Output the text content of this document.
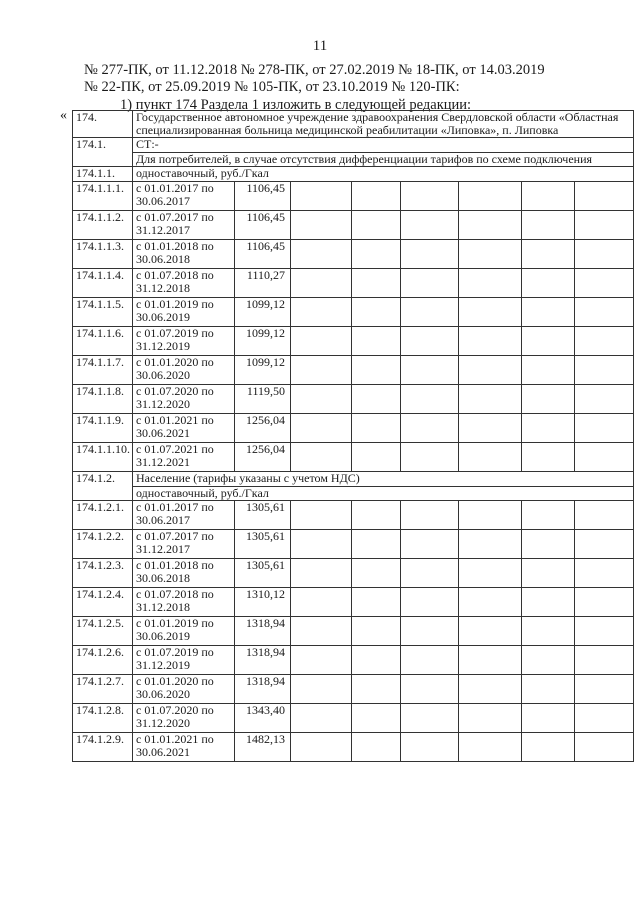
11
№ 277-ПК, от 11.12.2018 № 278-ПК, от 27.02.2019 № 18-ПК, от 14.03.2019
№ 22-ПК, от 25.09.2019 № 105-ПК, от 23.10.2019 № 120-ПК:
1) пункт 174 Раздела 1 изложить в следующей редакции:
« 174.	Государственное автономное учреждение здравоохранения Свердловской области «Областная специализированная больница медицинской реабилитации «Липовка», п. Липовка							
174.1.	СТ:-							
	Для потребителей, в случае отсутствия дифференциации тарифов по схеме подключения							
174.1.1.	одноставочный, руб./Гкал							
174.1.1.1.	с 01.01.2017 по 30.06.2017	1106,45						
174.1.1.2.	с 01.07.2017 по 31.12.2017	1106,45						
174.1.1.3.	с 01.01.2018 по 30.06.2018	1106,45						
174.1.1.4.	с 01.07.2018 по 31.12.2018	1110,27						
174.1.1.5.	с 01.01.2019 по 30.06.2019	1099,12						
174.1.1.6.	с 01.07.2019 по 31.12.2019	1099,12						
174.1.1.7.	с 01.01.2020 по 30.06.2020	1099,12						
174.1.1.8.	с 01.07.2020 по 31.12.2020	1119,50						
174.1.1.9.	с 01.01.2021 по 30.06.2021	1256,04						
174.1.1.10.	с 01.07.2021 по 31.12.2021	1256,04						
174.1.2.	Население (тарифы указаны с учетом НДС)							
	одноставочный, руб./Гкал							
174.1.2.1.	с 01.01.2017 по 30.06.2017	1305,61						
174.1.2.2.	с 01.07.2017 по 31.12.2017	1305,61						
174.1.2.3.	с 01.01.2018 по 30.06.2018	1305,61						
174.1.2.4.	с 01.07.2018 по 31.12.2018	1310,12						
174.1.2.5.	с 01.01.2019 по 30.06.2019	1318,94						
174.1.2.6.	с 01.07.2019 по 31.12.2019	1318,94						
174.1.2.7.	с 01.01.2020 по 30.06.2020	1318,94						
174.1.2.8.	с 01.07.2020 по 31.12.2020	1343,40						
174.1.2.9.	с 01.01.2021 по 30.06.2021	1482,13						
